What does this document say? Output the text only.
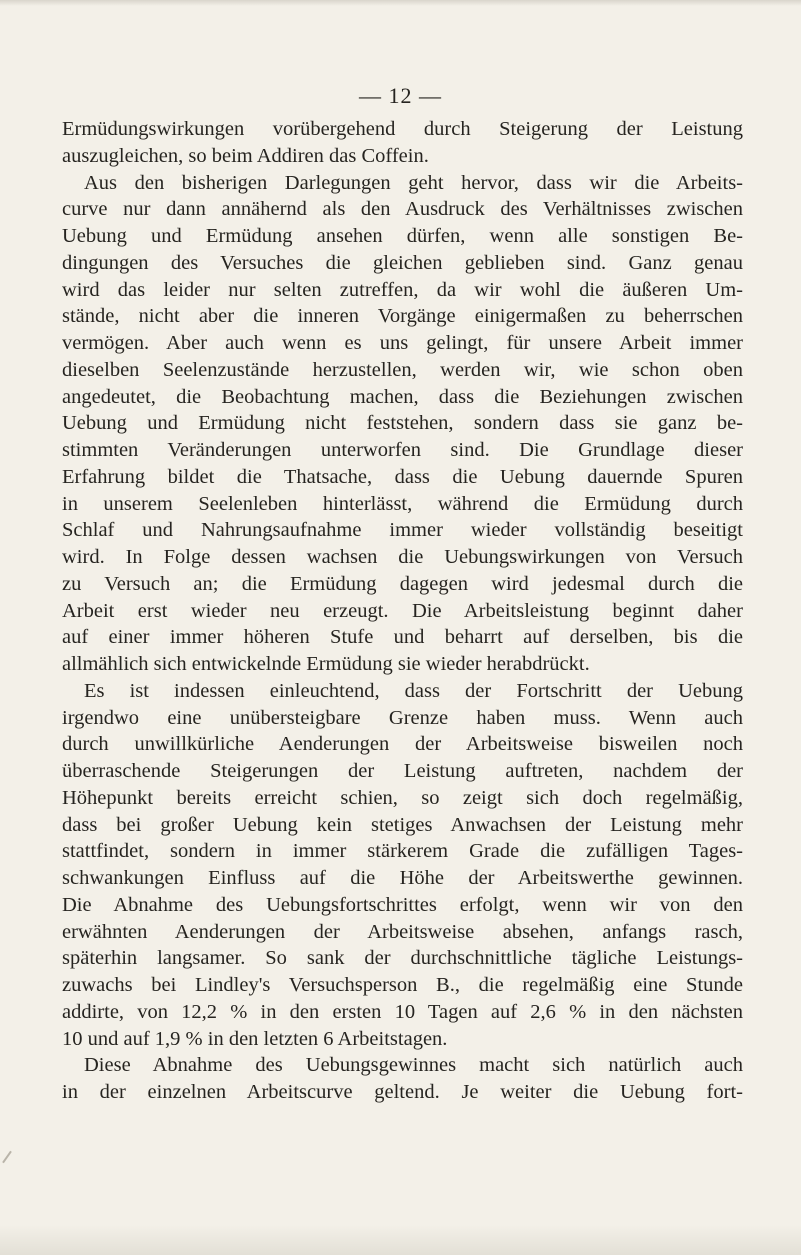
— 12 —
Ermüdungswirkungen vorübergehend durch Steigerung der Leistung
auszugleichen, so beim Addiren das Coffein.
Aus den bisherigen Darlegungen geht hervor, dass wir die Arbeits-
curve nur dann annähernd als den Ausdruck des Verhältnisses zwischen
Uebung und Ermüdung ansehen dürfen, wenn alle sonstigen Be-
dingungen des Versuches die gleichen geblieben sind. Ganz genau
wird das leider nur selten zutreffen, da wir wohl die äußeren Um-
stände, nicht aber die inneren Vorgänge einigermaßen zu beherrschen
vermögen. Aber auch wenn es uns gelingt, für unsere Arbeit immer
dieselben Seelenzustände herzustellen, werden wir, wie schon oben
angedeutet, die Beobachtung machen, dass die Beziehungen zwischen
Uebung und Ermüdung nicht feststehen, sondern dass sie ganz be-
stimmten Veränderungen unterworfen sind. Die Grundlage dieser
Erfahrung bildet die Thatsache, dass die Uebung dauernde Spuren
in unserem Seelenleben hinterlässt, während die Ermüdung durch
Schlaf und Nahrungsaufnahme immer wieder vollständig beseitigt
wird. In Folge dessen wachsen die Uebungswirkungen von Versuch
zu Versuch an; die Ermüdung dagegen wird jedesmal durch die
Arbeit erst wieder neu erzeugt. Die Arbeitsleistung beginnt daher
auf einer immer höheren Stufe und beharrt auf derselben, bis die
allmählich sich entwickelnde Ermüdung sie wieder herabdrückt.
Es ist indessen einleuchtend, dass der Fortschritt der Uebung
irgendwo eine unübersteigbare Grenze haben muss. Wenn auch
durch unwillkürliche Aenderungen der Arbeitsweise bisweilen noch
überraschende Steigerungen der Leistung auftreten, nachdem der
Höhepunkt bereits erreicht schien, so zeigt sich doch regelmäßig,
dass bei großer Uebung kein stetiges Anwachsen der Leistung mehr
stattfindet, sondern in immer stärkerem Grade die zufälligen Tages-
schwankungen Einfluss auf die Höhe der Arbeitswerthe gewinnen.
Die Abnahme des Uebungsfortschrittes erfolgt, wenn wir von den
erwähnten Aenderungen der Arbeitsweise absehen, anfangs rasch,
späterhin langsamer. So sank der durchschnittliche tägliche Leistungs-
zuwachs bei Lindley's Versuchsperson B., die regelmäßig eine Stunde
addirte, von 12,2 % in den ersten 10 Tagen auf 2,6 % in den nächsten
10 und auf 1,9 % in den letzten 6 Arbeitstagen.
Diese Abnahme des Uebungsgewinnes macht sich natürlich auch
in der einzelnen Arbeitscurve geltend. Je weiter die Uebung fort-
